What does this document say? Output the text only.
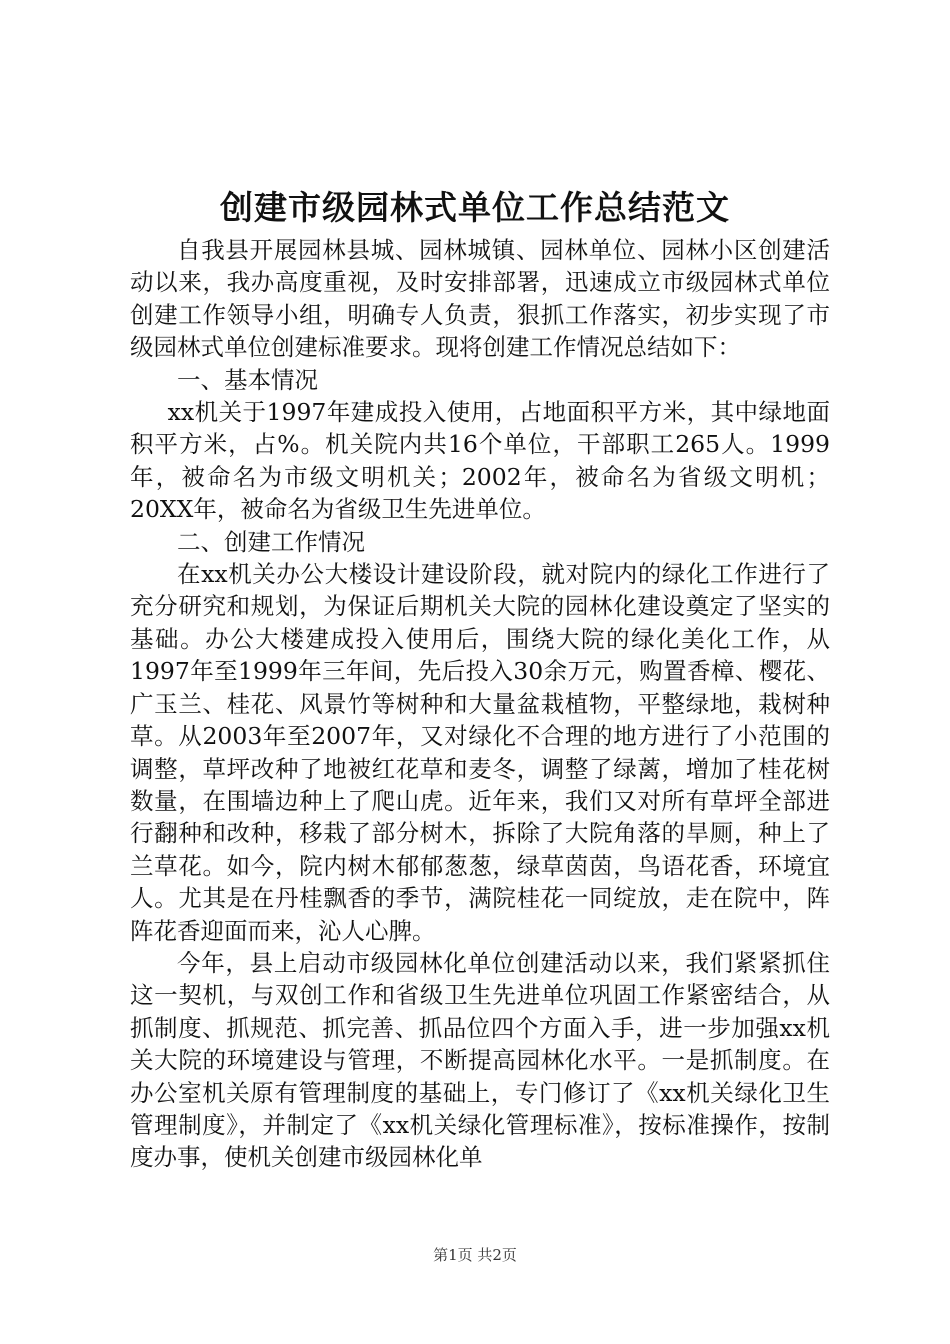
创建市级园林式单位工作总结范文

自我县开展园林县城、园林城镇、园林单位、园林小区创建活动以来，我办高度重视，及时安排部署，迅速成立市级园林式单位创建工作领导小组，明确专人负责，狠抓工作落实，初步实现了市级园林式单位创建标准要求。现将创建工作情况总结如下：

一、基本情况

xx机关于1997年建成投入使用，占地面积平方米，其中绿地面积平方米，占%。机关院内共16个单位，干部职工265人。1999年，被命名为市级文明机关；2002年，被命名为省级文明机；20XX年，被命名为省级卫生先进单位。

二、创建工作情况

在xx机关办公大楼设计建设阶段，就对院内的绿化工作进行了充分研究和规划，为保证后期机关大院的园林化建设奠定了坚实的基础。办公大楼建成投入使用后，围绕大院的绿化美化工作，从1997年至1999年三年间，先后投入30余万元，购置香樟、樱花、广玉兰、桂花、风景竹等树种和大量盆栽植物，平整绿地，栽树种草。从2003年至2007年，又对绿化不合理的地方进行了小范围的调整，草坪改种了地被红花草和麦冬，调整了绿蓠，增加了桂花树数量，在围墙边种上了爬山虎。近年来，我们又对所有草坪全部进行翻种和改种，移栽了部分树木，拆除了大院角落的旱厕，种上了兰草花。如今，院内树木郁郁葱葱，绿草茵茵，鸟语花香，环境宜人。尤其是在丹桂飘香的季节，满院桂花一同绽放，走在院中，阵阵花香迎面而来，沁人心脾。

今年，县上启动市级园林化单位创建活动以来，我们紧紧抓住这一契机，与双创工作和省级卫生先进单位巩固工作紧密结合，从抓制度、抓规范、抓完善、抓品位四个方面入手，进一步加强xx机关大院的环境建设与管理，不断提高园林化水平。一是抓制度。在办公室机关原有管理制度的基础上，专门修订了《xx机关绿化卫生管理制度》，并制定了《xx机关绿化管理标准》，按标准操作，按制度办事，使机关创建市级园林化单

第1页 共2页
